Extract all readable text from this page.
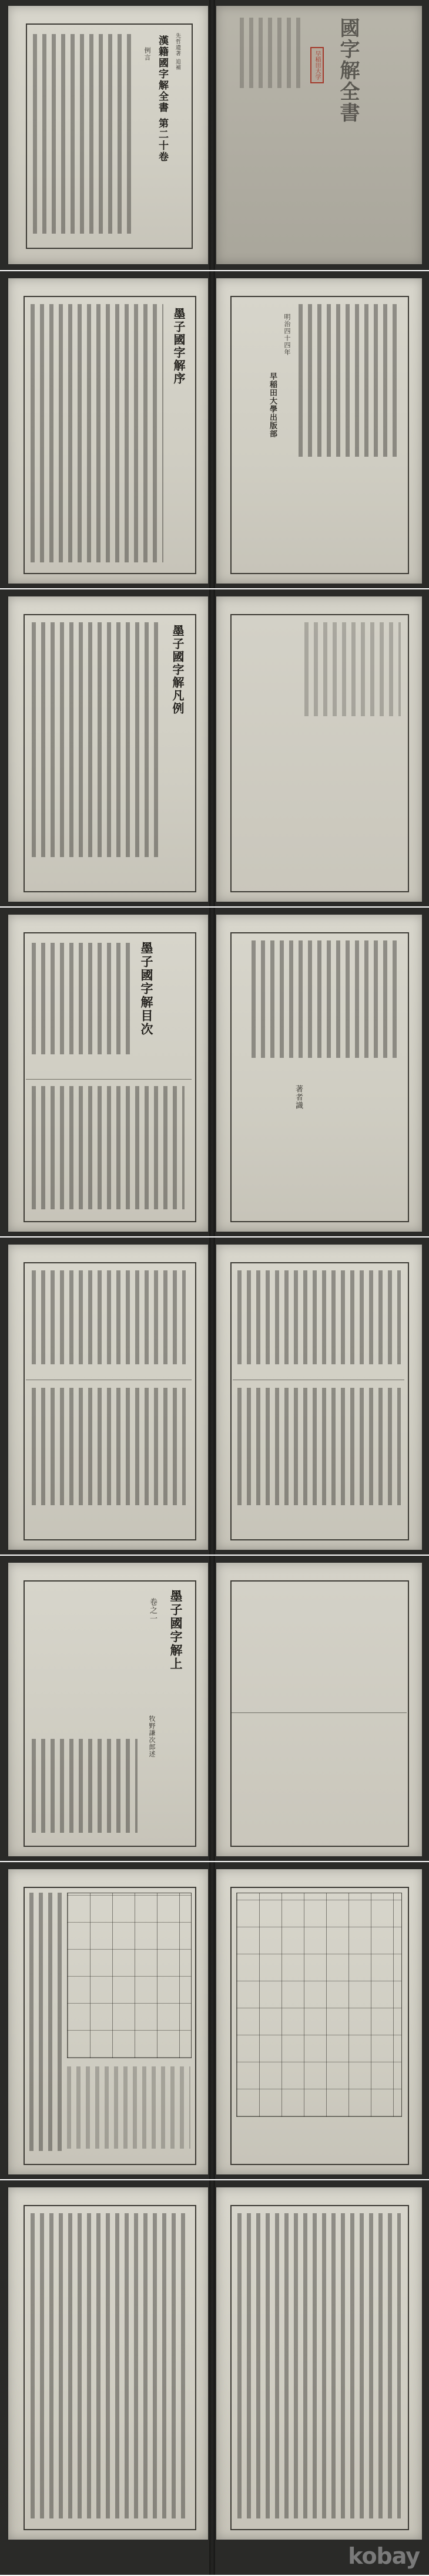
漢籍國字解全書 第二十卷	先哲遺著 追補
例言	國字解全書
早稲田大学
墨子國字解序	明治四十四年
早稲田大學出版部
墨子國字解凡例
墨子國字解目次
著者識
墨子國字解上
卷之一
牧野謙次郎述
kobay
